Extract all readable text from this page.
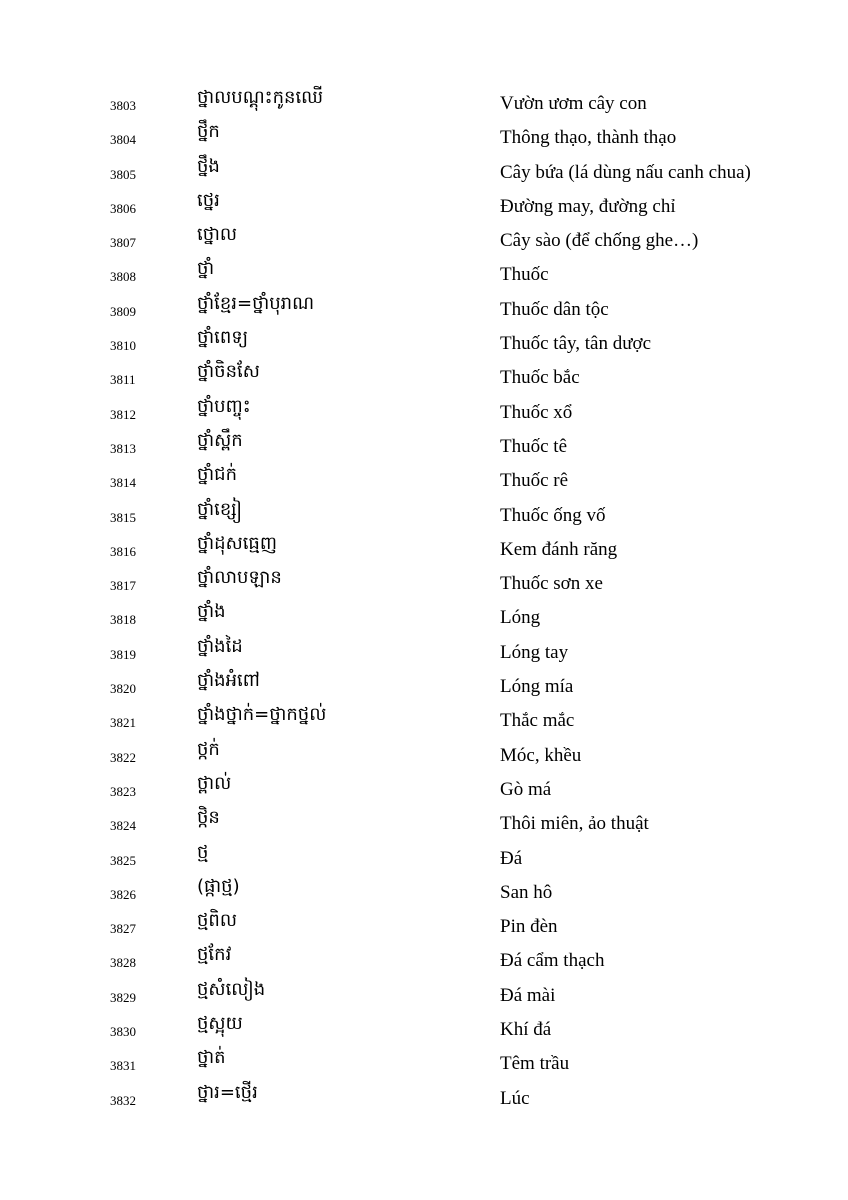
3803	ថ្នាលបណ្ដុះកូនឈើ	Vườn ươm cây con
3804	ថ្នឹក	Thông thạo, thành thạo
3805	ថ្នឹង	Cây bứa (lá dùng nấu canh chua)
3806	ថ្នេរ	Đường may, đường chỉ
3807	ថ្នោល	Cây sào (để chống ghe…)
3808	ថ្នាំ	Thuốc
3809	ថ្នាំខ្មែរ=ថ្នាំបុរាណ	Thuốc dân tộc
3810	ថ្នាំពេទ្យ	Thuốc tây, tân dược
3811	ថ្នាំចិនសែ	Thuốc bắc
3812	ថ្នាំបញ្ចុះ	Thuốc xổ
3813	ថ្នាំស្ពឹក	Thuốc tê
3814	ថ្នាំជក់	Thuốc rê
3815	ថ្នាំខ្សៀ	Thuốc ống vố
3816	ថ្នាំដុសធ្មេញ	Kem đánh răng
3817	ថ្នាំលាបឡាន	Thuốc sơn xe
3818	ថ្នាំង	Lóng
3819	ថ្នាំងដៃ	Lóng tay
3820	ថ្នាំងអំពៅ	Lóng mía
3821	ថ្នាំងថ្នាក់=ថ្នាកថ្នល់	Thắc mắc
3822	ថ្កក់	Móc, khều
3823	ថ្ពាល់	Gò má
3824	ថ្កិន	Thôi miên, ảo thuật
3825	ថ្ម	Đá
3826	(ផ្កាថ្ម)	San hô
3827	ថ្មពិល	Pin đèn
3828	ថ្មកែវ	Đá cẩm thạch
3829	ថ្មសំលៀង	Đá mài
3830	ថ្មស្អុយ	Khí đá
3831	ថ្នាត់	Têm trầu
3832	ថ្នារ=ថ្មើរ	Lúc
